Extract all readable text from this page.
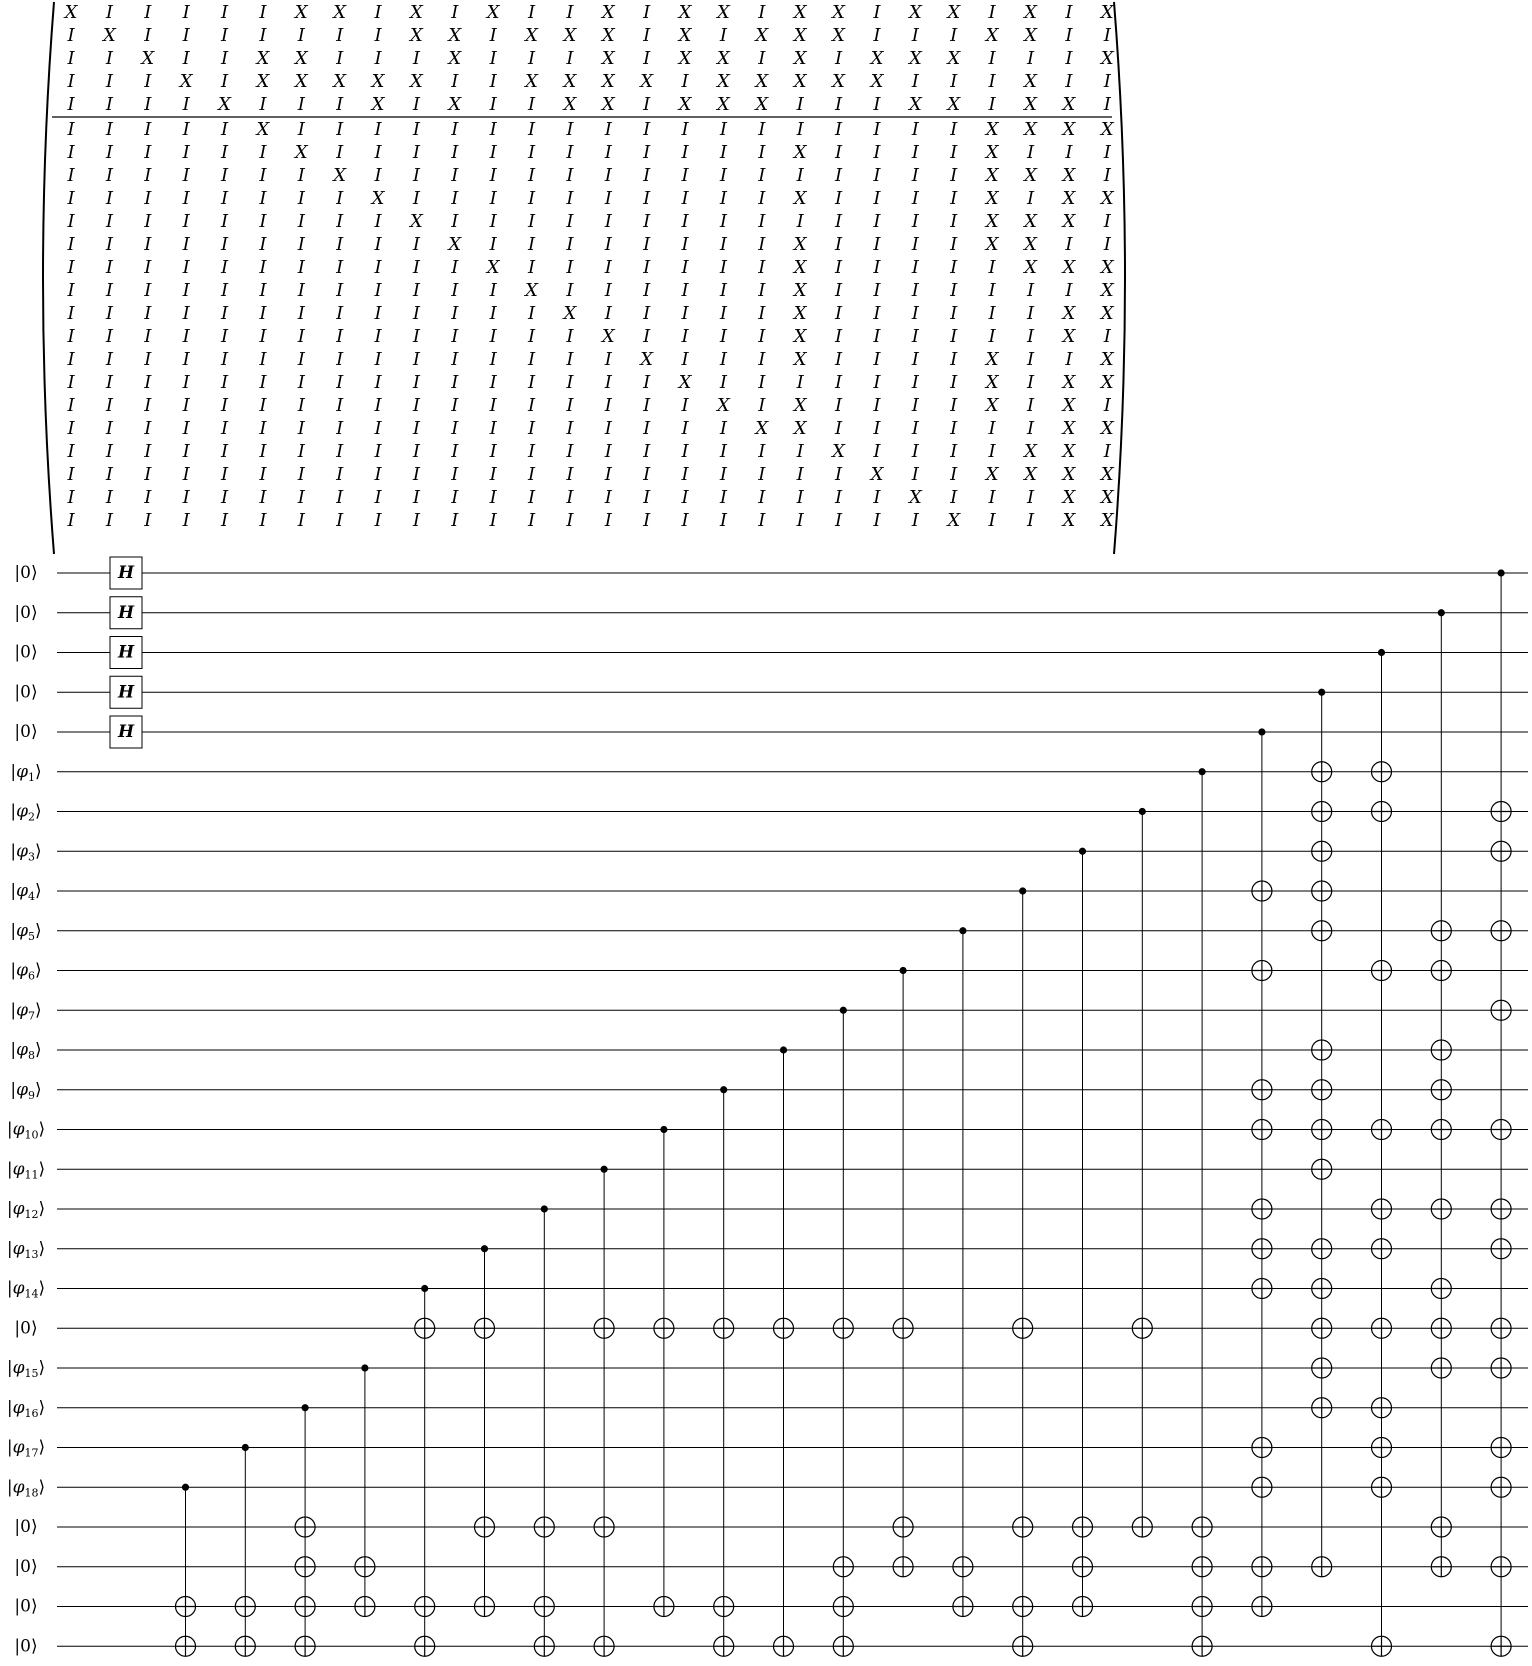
X I I I I I X X I X I X I I X I X X I X X I X X I X I X
I X I I I I I I I X X I X X X I X I X X X I I I X X I I
I I X I I X X I I I X I I I X I X X I X I X X X I I I X
I I I X I X X X X X I I X X X X I X X X X X I I I X I I
I I I I X I I I X I X I I X X I X X X I I I X X I X X I
I I I I I X I I I I I I I I I I I I I I I I I I X X X X
I I I I I I X I I I I I I I I I I I I X I I I I X I I I
I I I I I I I X I I I I I I I I I I I I I I I I X X X I
I I I I I I I I X I I I I I I I I I I X I I I I X I X X
I I I I I I I I I X I I I I I I I I I I I I I I X X X I
I I I I I I I I I I X I I I I I I I I X I I I I X X I I
I I I I I I I I I I I X I I I I I I I X I I I I I X X X
I I I I I I I I I I I I X I I I I I I X I I I I I I I X
I I I I I I I I I I I I I X I I I I I X I I I I I I X X
I I I I I I I I I I I I I I X I I I I X I I I I I I X I
I I I I I I I I I I I I I I I X I I I X I I I I X I I X
I I I I I I I I I I I I I I I I X I I I I I I I X I X X
I I I I I I I I I I I I I I I I I X I X I I I I X I X I
I I I I I I I I I I I I I I I I I I X X I I I I I I X X
I I I I I I I I I I I I I I I I I I I I X I I I I X X I
I I I I I I I I I I I I I I I I I I I I I X I I X X X X
I I I I I I I I I I I I I I I I I I I I I I X I I I X X
I I I I I I I I I I I I I I I I I I I I I I I X I I X X
|0⟩
|0⟩
|0⟩
|0⟩
|0⟩
$|\varphi_1⟩$
$|\varphi_2⟩$
$|\varphi_3⟩$
$|\varphi_4⟩$
$|\varphi_5⟩$
$|\varphi_6⟩$
$|\varphi_7⟩$
$|\varphi_8⟩$
$|\varphi_9⟩$
$|\varphi_{10}⟩$
$|\varphi_{11}⟩$
$|\varphi_{12}⟩$
$|\varphi_{13}⟩$
$|\varphi_{14}⟩$
|0⟩
$|\varphi_{15}⟩$
$|\varphi_{16}⟩$
$|\varphi_{17}⟩$
$|\varphi_{18}⟩$
|0⟩
|0⟩
|0⟩
|0⟩
H
H
H
H
H
